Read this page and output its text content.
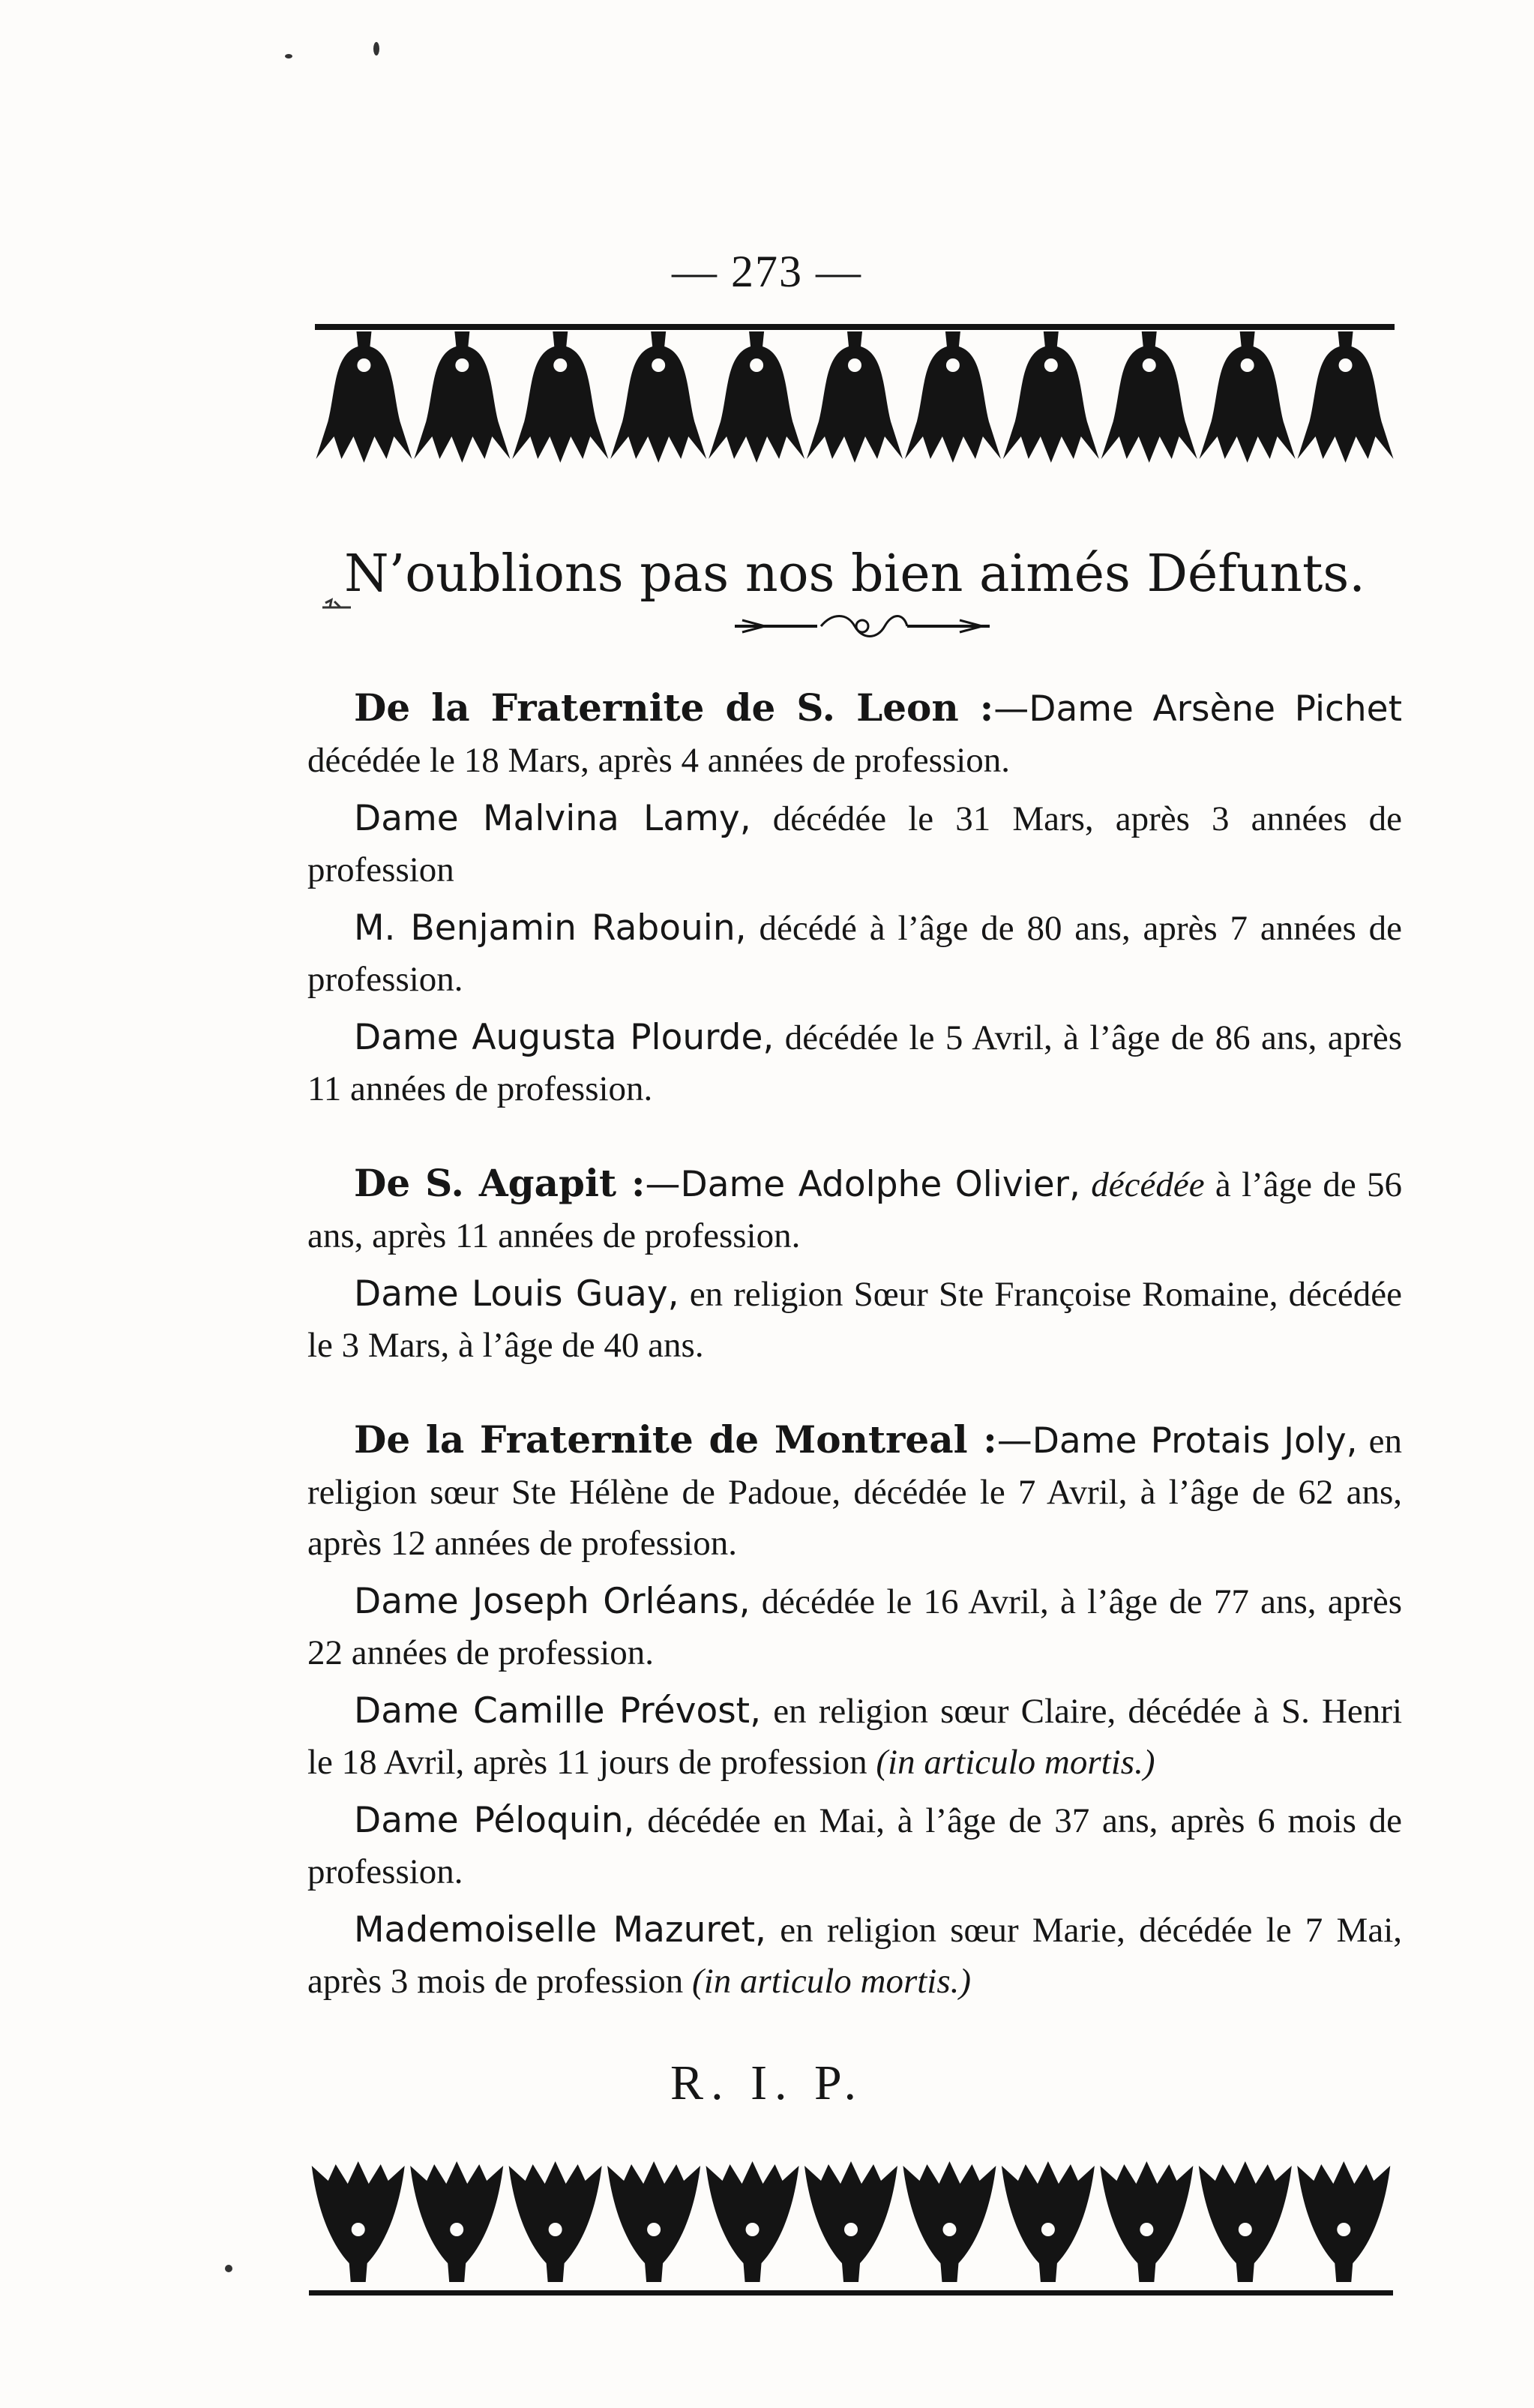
— 273 —
N’oublions pas nos bien aimés Défunts.

De la Fraternite de S. Leon :—Dame Arsène Pichet décédée le 18 Mars, après 4 années de profession.

Dame Malvina Lamy, décédée le 31 Mars, après 3 années de profession

M. Benjamin Rabouin, décédé à l’âge de 80 ans, après 7 années de profession.

Dame Augusta Plourde, décédée le 5 Avril, à l’âge de 86 ans, après 11 années de profession.

De S. Agapit :—Dame Adolphe Olivier, décédée à l’âge de 56 ans, après 11 années de profession.

Dame Louis Guay, en religion Sœur Ste Françoise Romaine, décédée le 3 Mars, à l’âge de 40 ans.

De la Fraternite de Montreal :—Dame Protais Joly, en religion sœur Ste Hélène de Padoue, décédée le 7 Avril, à l’âge de 62 ans, après 12 années de profession.

Dame Joseph Orléans, décédée le 16 Avril, à l’âge de 77 ans, après 22 années de profession.

Dame Camille Prévost, en religion sœur Claire, décédée à S. Henri le 18 Avril, après 11 jours de profession (in articulo mortis.)

Dame Péloquin, décédée en Mai, à l’âge de 37 ans, après 6 mois de profession.

Mademoiselle Mazuret, en religion sœur Marie, décédée le 7 Mai, après 3 mois de profession (in articulo mortis.)

R. I. P.
